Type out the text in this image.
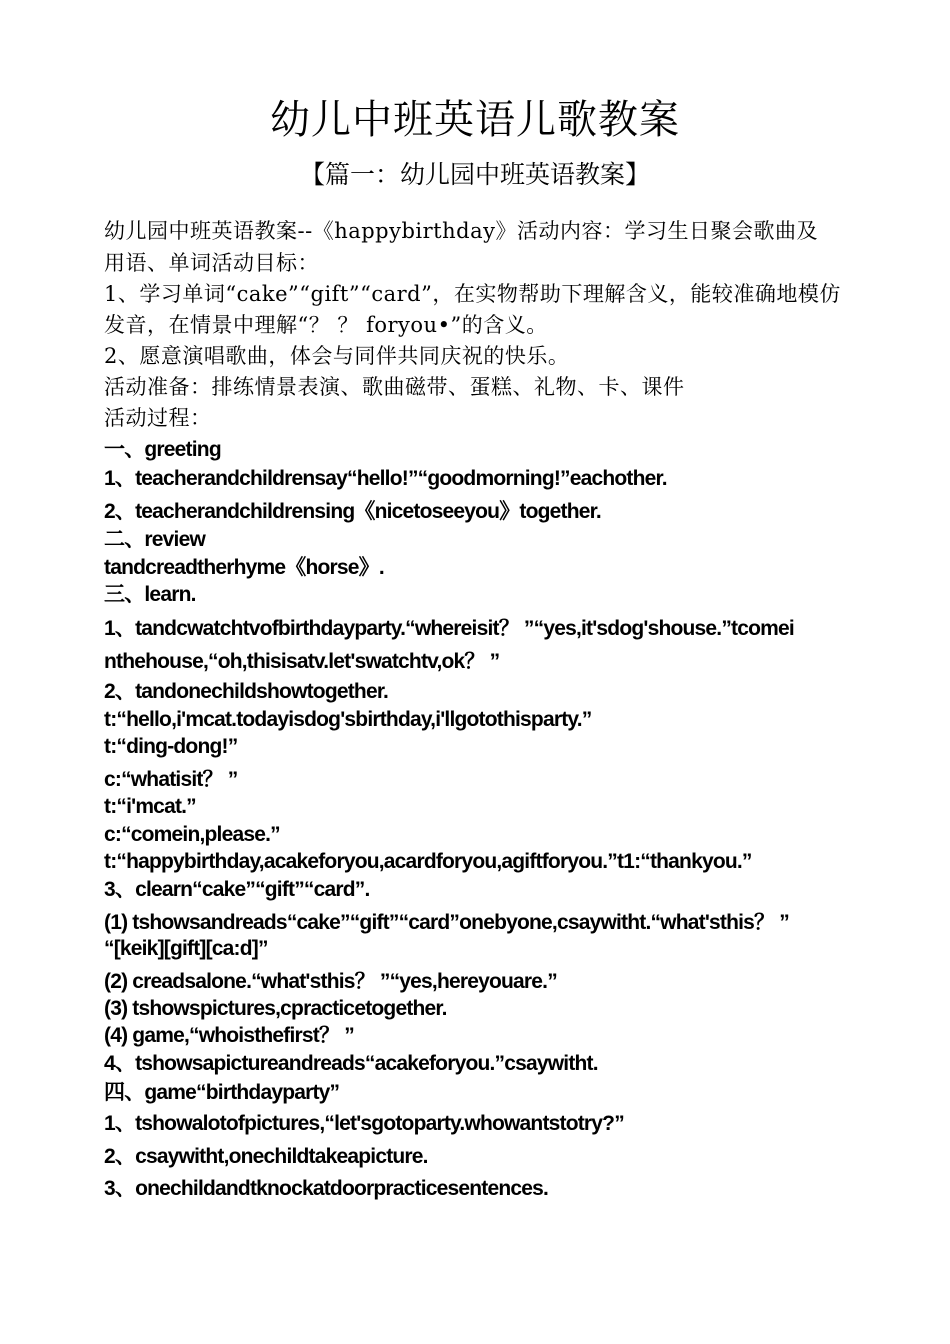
幼儿中班英语儿歌教案
【篇一：幼儿园中班英语教案】

幼儿园中班英语教案--《happybirthday》活动内容：学习生日聚会歌曲及

用语、单词活动目标：

1、学习单词“cake”“gift”“card”，在实物帮助下理解含义，能较准确地模仿

发音，在情景中理解“？ ？ foryou•”的含义。

2、愿意演唱歌曲，体会与同伴共同庆祝的快乐。

活动准备：排练情景表演、歌曲磁带、蛋糕、礼物、卡、课件

活动过程：

一、greeting

1、teacherandchildrensay“hello!”“goodmorning!”eachother.

2、teacherandchildrensing《nicetoseeyou》together.

二、review

tandcreadtherhyme《horse》.

三、learn.

1、tandcwatchtvofbirthdayparty.“whereisit？ ”“yes,it'sdog'shouse.”tcomei

nthehouse,“oh,thisisatv.let'swatchtv,ok？ ”

2、tandonechildshowtogether.

t:“hello,i'mcat.todayisdog'sbirthday,i'llgotothisparty.”

t:“ding-dong!”

c:“whatisit？ ”

t:“i'mcat.”

c:“comein,please.”

t:“happybirthday,acakeforyou,acardforyou,agiftforyou.”t1:“thankyou.”

3、clearn“cake”“gift”“card”.

(1) tshowsandreads“cake”“gift”“card”onebyone,csaywitht.“what'sthis？ ”

“[keik][gift][ca:d]”

(2) creadsalone.“what'sthis？ ”“yes,hereyouare.”

(3) tshowspictures,cpracticetogether.

(4) game,“whoisthefirst？ ”

4、tshowsapictureandreads“acakeforyou.”csaywitht.

四、game“birthdayparty”

1、tshowalotofpictures,“let'sgotoparty.whowantstotry?”

2、csaywitht,onechildtakeapicture.

3、onechildandtknockatdoorpracticesentences.
